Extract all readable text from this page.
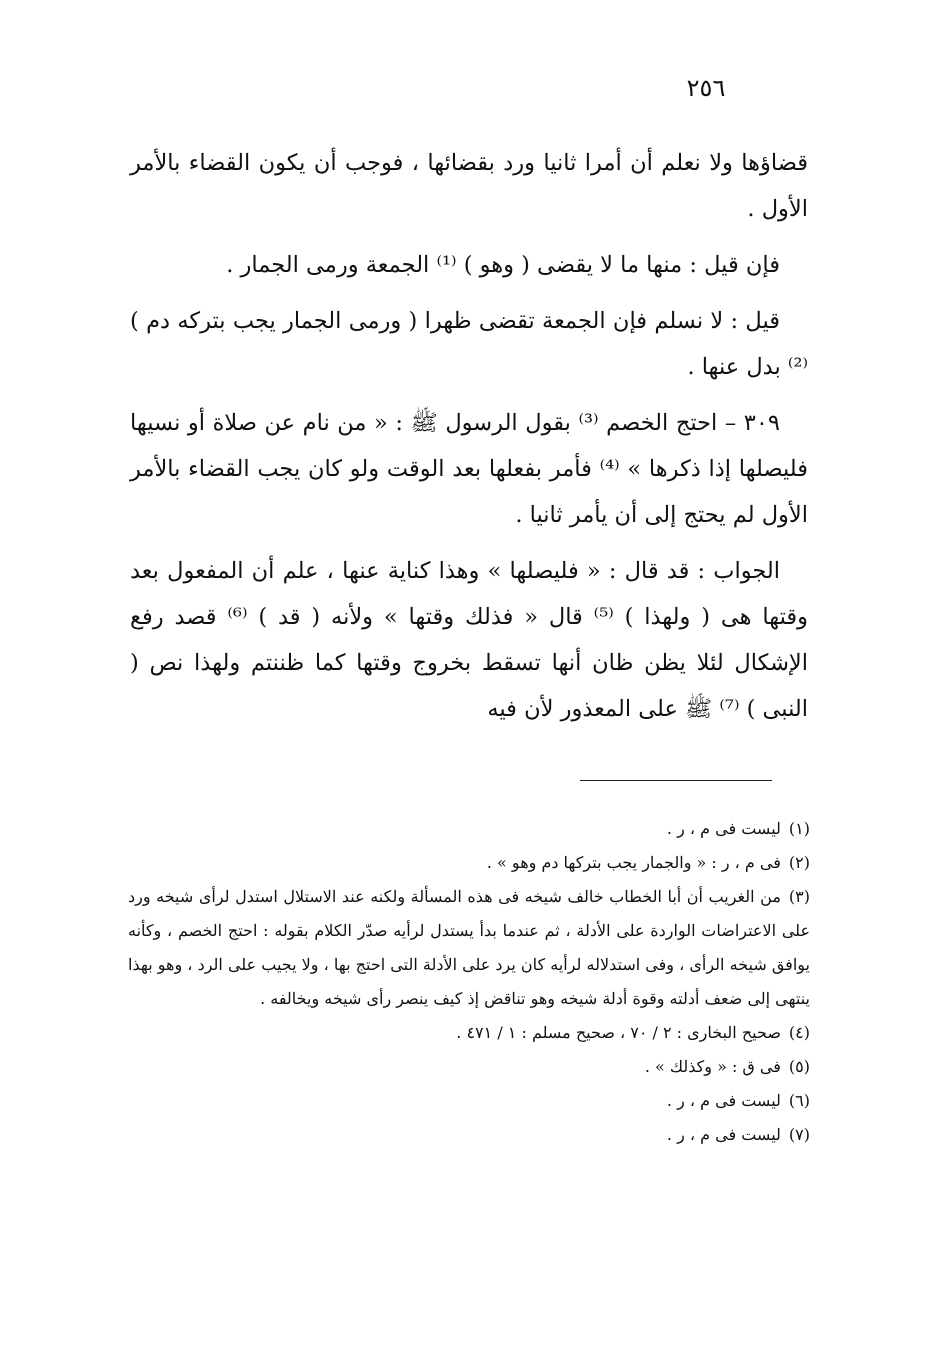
٢٥٦

قضاؤها ولا نعلم أن أمرا ثانيا ورد بقضائها ، فوجب أن يكون القضاء بالأمر الأول .

فإن قيل : منها ما لا يقضى ( وهو ) ⁽¹⁾ الجمعة ورمى الجمار .

قيل : لا نسلم فإن الجمعة تقضى ظهرا ( ورمى الجمار يجب بتركه دم ) ⁽²⁾ بدل عنها .

٣٠٩ – احتج الخصم ⁽³⁾ بقول الرسول ﷺ : « من نام عن صلاة أو نسيها فليصلها إذا ذكرها » ⁽⁴⁾ فأمر بفعلها بعد الوقت ولو كان يجب القضاء بالأمر الأول لم يحتج إلى أن يأمر ثانيا .

الجواب : قد قال : « فليصلها » وهذا كناية عنها ، علم أن المفعول بعد وقتها هى ( ولهذا ) ⁽⁵⁾ قال « فذلك وقتها » ولأنه ( قد ) ⁽⁶⁾ قصد رفع الإشكال لئلا يظن ظان أنها تسقط بخروج وقتها كما ظننتم ولهذا نص ( النبى ) ⁽⁷⁾ ﷺ على المعذور لأن فيه

(١)ليست فى م ، ر .

(٢)فى م ، ر : « والجمار يجب بتركها دم وهو » .

(٣)من الغريب أن أبا الخطاب خالف شيخه فى هذه المسألة ولكنه عند الاستلال استدل لرأى شيخه ورد على الاعتراضات الواردة على الأدلة ، ثم عندما بدأ يستدل لرأيه صدّر الكلام بقوله : احتج الخصم ، وكأنه يوافق شيخه الرأى ، وفى استدلاله لرأيه كان يرد على الأدلة التى احتج بها ، ولا يجيب على الرد ، وهو بهذا ينتهى إلى ضعف أدلته وقوة أدلة شيخه وهو تناقض إذ كيف ينصر رأى شيخه ويخالفه .

(٤)صحيح البخارى : ٢ / ٧٠ ، صحيح مسلم : ١ / ٤٧١ .

(٥)فى ق : « وكذلك » .

(٦)ليست فى م ، ر .

(٧)ليست فى م ، ر .
